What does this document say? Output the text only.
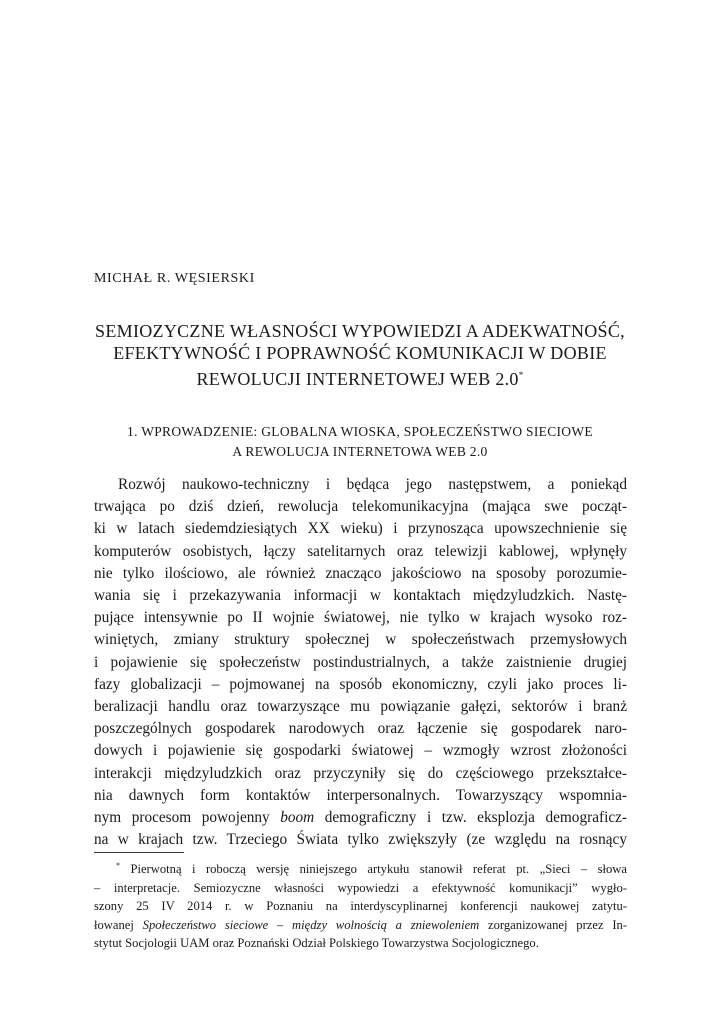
MICHAŁ R. WĘSIERSKI
SEMIOZYCZNE WŁASNOŚCI WYPOWIEDZI A ADEKWATNOŚĆ,
EFEKTYWNOŚĆ I POPRAWNOŚĆ KOMUNIKACJI W DOBIE
REWOLUCJI INTERNETOWEJ WEB 2.0*
1. WPROWADZENIE: GLOBALNA WIOSKA, SPOŁECZEŃSTWO SIECIOWE
A REWOLUCJA INTERNETOWA WEB 2.0
Rozwój naukowo-techniczny i będąca jego następstwem, a poniekąd
trwająca po dziś dzień, rewolucja telekomunikacyjna (mająca swe począt-
ki w latach siedemdziesiątych XX wieku) i przynosząca upowszechnienie się
komputerów osobistych, łączy satelitarnych oraz telewizji kablowej, wpłynęły
nie tylko ilościowo, ale również znacząco jakościowo na sposoby porozumie-
wania się i przekazywania informacji w kontaktach międzyludzkich. Nastę-
pujące intensywnie po II wojnie światowej, nie tylko w krajach wysoko roz-
winiętych, zmiany struktury społecznej w społeczeństwach przemysłowych
i pojawienie się społeczeństw postindustrialnych, a także zaistnienie drugiej
fazy globalizacji – pojmowanej na sposób ekonomiczny, czyli jako proces li-
beralizacji handlu oraz towarzyszące mu powiązanie gałęzi, sektorów i branż
poszczególnych gospodarek narodowych oraz łączenie się gospodarek naro-
dowych i pojawienie się gospodarki światowej – wzmogły wzrost złożoności
interakcji międzyludzkich oraz przyczyniły się do częściowego przekształce-
nia dawnych form kontaktów interpersonalnych. Towarzyszący wspomnia-
nym procesom powojenny boom demograficzny i tzw. eksplozja demograficz-
na w krajach tzw. Trzeciego Świata tylko zwiększyły (ze względu na rosnący
* Pierwotną i roboczą wersję niniejszego artykułu stanowił referat pt. „Sieci – słowa
– interpretacje. Semiozyczne własności wypowiedzi a efektywność komunikacji” wygło-
szony 25 IV 2014 r. w Poznaniu na interdyscyplinarnej konferencji naukowej zatytu-
łowanej Społeczeństwo sieciowe – między wolnością a zniewoleniem zorganizowanej przez In-
stytut Socjologii UAM oraz Poznański Odział Polskiego Towarzystwa Socjologicznego.
